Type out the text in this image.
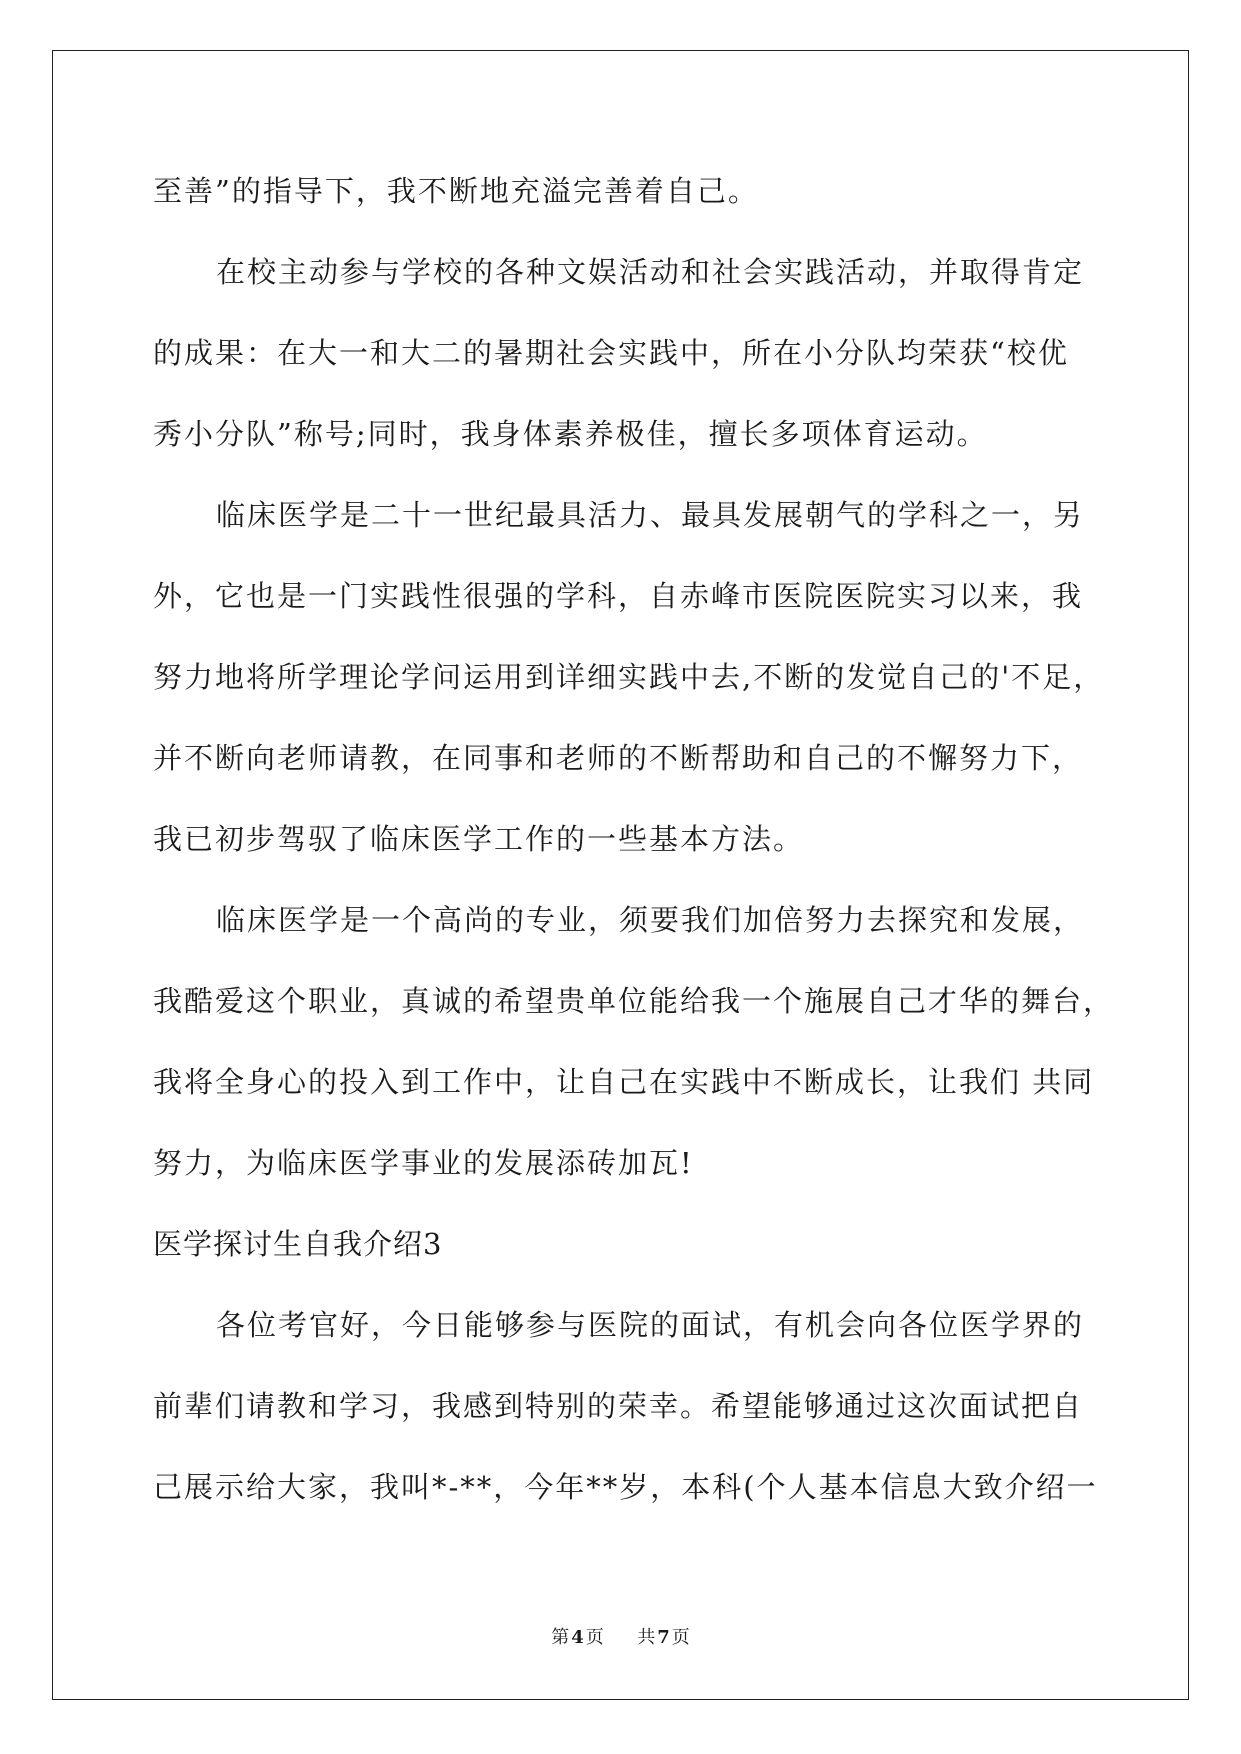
至善”的指导下，我不断地充溢完善着自己。
在校主动参与学校的各种文娱活动和社会实践活动，并取得肯定
的成果：在大一和大二的暑期社会实践中，所在小分队均荣获“校优
秀小分队”称号;同时，我身体素养极佳，擅长多项体育运动。
临床医学是二十一世纪最具活力、最具发展朝气的学科之一，另
外，它也是一门实践性很强的学科，自赤峰市医院医院实习以来，我
努力地将所学理论学问运用到详细实践中去,不断的发觉自己的'不足，
并不断向老师请教，在同事和老师的不断帮助和自己的不懈努力下，
我已初步驾驭了临床医学工作的一些基本方法。
临床医学是一个高尚的专业，须要我们加倍努力去探究和发展，
我酷爱这个职业，真诚的希望贵单位能给我一个施展自己才华的舞台，
我将全身心的投入到工作中，让自己在实践中不断成长，让我们 共同
努力，为临床医学事业的发展添砖加瓦!
医学探讨生自我介绍3
各位考官好，今日能够参与医院的面试，有机会向各位医学界的
前辈们请教和学习，我感到特别的荣幸。希望能够通过这次面试把自
己展示给大家，我叫*-**，今年**岁，本科(个人基本信息大致介绍一
第 4 页 共 7 页
